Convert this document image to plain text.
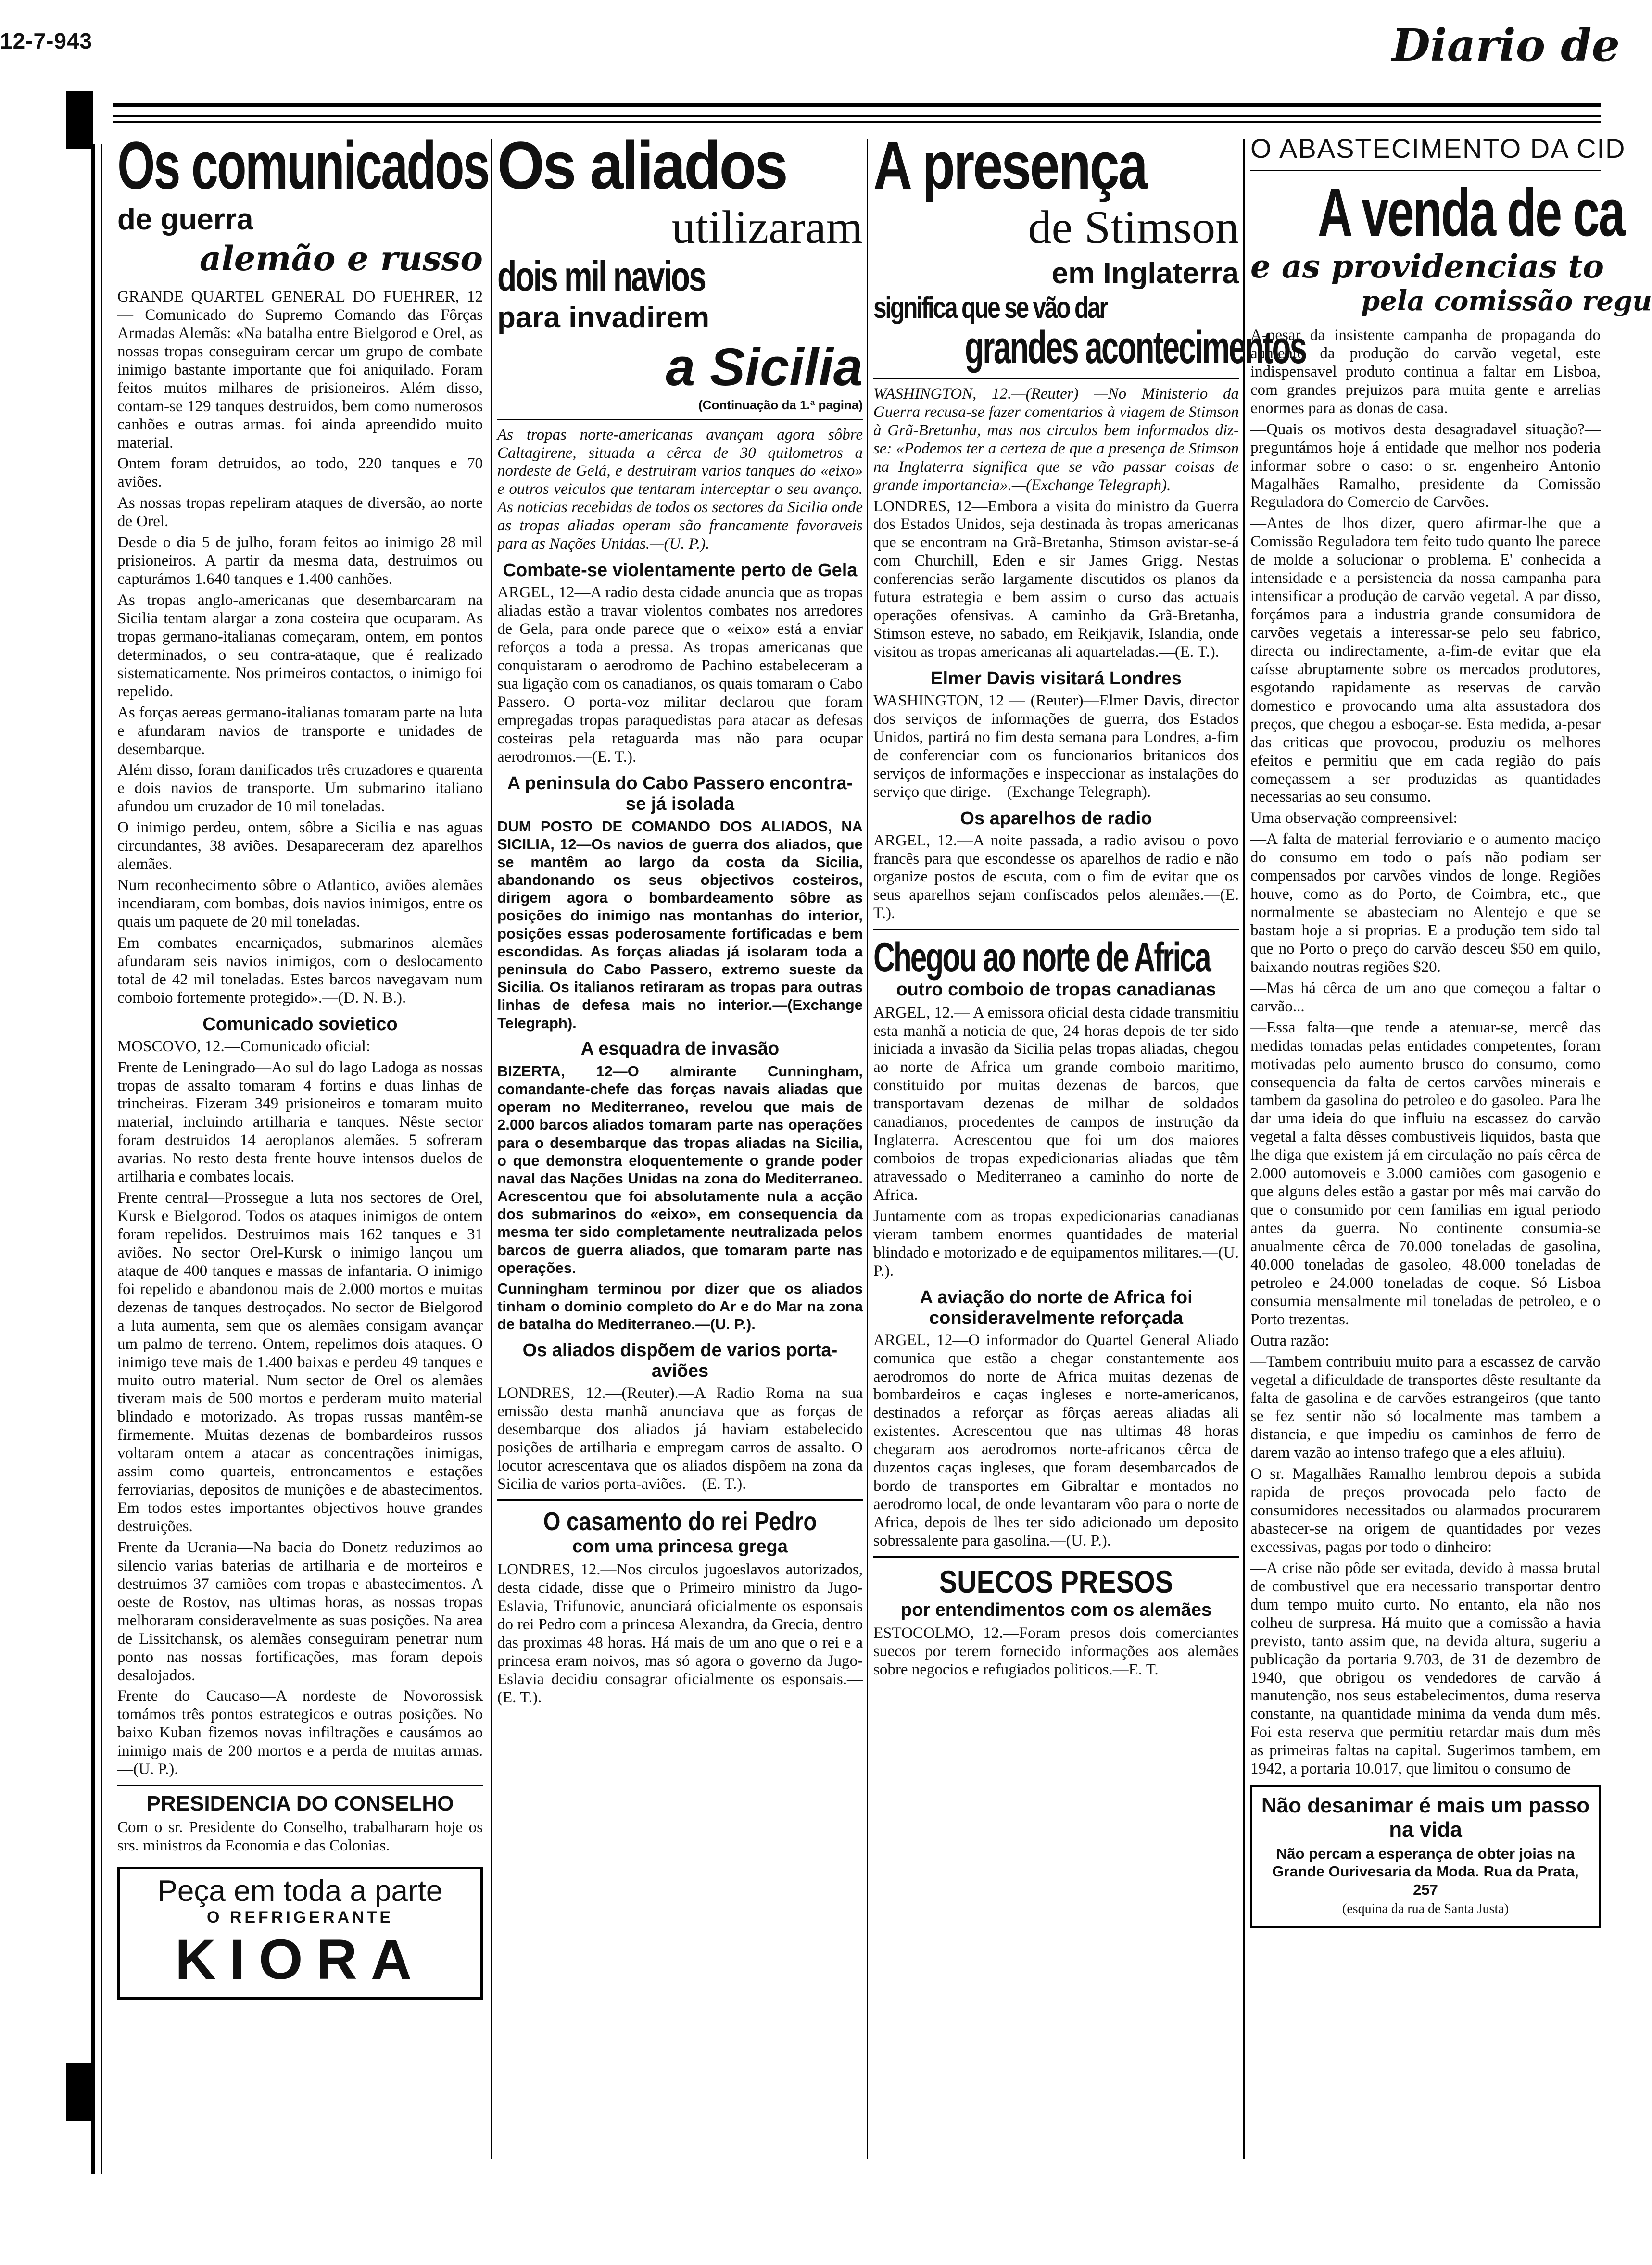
12-7-943	Diario de
Os comunicados
de guerra
alemão e russo

GRANDE QUARTEL GENERAL DO FUEHRER, 12 — Comunicado do Supremo Comando das Fôrças Armadas Alemãs: «Na batalha entre Bielgorod e Orel, as nossas tropas conseguiram cercar um grupo de combate inimigo bastante importante que foi aniquilado. Foram feitos muitos milhares de prisioneiros. Além disso, contam-se 129 tanques destruidos, bem como numerosos canhões e outras armas. foi ainda apreendido muito material.

Ontem foram detruidos, ao todo, 220 tanques e 70 aviões.

As nossas tropas repeliram ataques de diversão, ao norte de Orel.

Desde o dia 5 de julho, foram feitos ao inimigo 28 mil prisioneiros. A partir da mesma data, destruimos ou capturámos 1.640 tanques e 1.400 canhões.

As tropas anglo-americanas que desembarcaram na Sicilia tentam alargar a zona costeira que ocuparam. As tropas germano-italianas começaram, ontem, em pontos determinados, o seu contra-ataque, que é realizado sistematicamente. Nos primeiros contactos, o inimigo foi repelido.

As forças aereas germano-italianas tomaram parte na luta e afundaram navios de transporte e unidades de desembarque.

Além disso, foram danificados três cruzadores e quarenta e dois navios de transporte. Um submarino italiano afundou um cruzador de 10 mil toneladas.

O inimigo perdeu, ontem, sôbre a Sicilia e nas aguas circundantes, 38 aviões. Desapareceram dez aparelhos alemães.

Num reconhecimento sôbre o Atlantico, aviões alemães incendiaram, com bombas, dois navios inimigos, entre os quais um paquete de 20 mil toneladas.

Em combates encarniçados, submarinos alemães afundaram seis navios inimigos, com o deslocamento total de 42 mil toneladas. Estes barcos navegavam num comboio fortemente protegido».—(D. N. B.).

Comunicado sovietico

MOSCOVO, 12.—Comunicado oficial:

Frente de Leningrado—Ao sul do lago Ladoga as nossas tropas de assalto tomaram 4 fortins e duas linhas de trincheiras. Fizeram 349 prisioneiros e tomaram muito material, incluindo artilharia e tanques. Nêste sector foram destruidos 14 aeroplanos alemães. 5 sofreram avarias. No resto desta frente houve intensos duelos de artilharia e combates locais.

Frente central—Prossegue a luta nos sectores de Orel, Kursk e Bielgorod. Todos os ataques inimigos de ontem foram repelidos. Destruimos mais 162 tanques e 31 aviões. No sector Orel-Kursk o inimigo lançou um ataque de 400 tanques e massas de infantaria. O inimigo foi repelido e abandonou mais de 2.000 mortos e muitas dezenas de tanques destroçados. No sector de Bielgorod a luta aumenta, sem que os alemães consigam avançar um palmo de terreno. Ontem, repelimos dois ataques. O inimigo teve mais de 1.400 baixas e perdeu 49 tanques e muito outro material. Num sector de Orel os alemães tiveram mais de 500 mortos e perderam muito material blindado e motorizado. As tropas russas mantêm-se firmemente. Muitas dezenas de bombardeiros russos voltaram ontem a atacar as concentrações inimigas, assim como quarteis, entroncamentos e estações ferroviarias, depositos de munições e de abastecimentos. Em todos estes importantes objectivos houve grandes destruições.

Frente da Ucrania—Na bacia do Donetz reduzimos ao silencio varias baterias de artilharia e de morteiros e destruimos 37 camiões com tropas e abastecimentos. A oeste de Rostov, nas ultimas horas, as nossas tropas melhoraram consideravelmente as suas posições. Na area de Lissitchansk, os alemães conseguiram penetrar num ponto nas nossas fortificações, mas foram depois desalojados.

Frente do Caucaso—A nordeste de Novorossisk tomámos três pontos estrategicos e outras posições. No baixo Kuban fizemos novas infiltrações e causámos ao inimigo mais de 200 mortos e a perda de muitas armas.—(U. P.).

PRESIDENCIA DO CONSELHO

Com o sr. Presidente do Conselho, trabalharam hoje os srs. ministros da Economia e das Colonias.

Peça em toda a parte
O REFRIGERANTE
KIORA
Os aliados
utilizaram
dois mil navios
para invadirem
a Sicilia
(Continuação da 1.ª pagina)

As tropas norte-americanas avançam agora sôbre Caltagirene, situada a cêrca de 30 quilometros a nordeste de Gelá, e destruiram varios tanques do «eixo» e outros veiculos que tentaram interceptar o seu avanço. As noticias recebidas de todos os sectores da Sicilia onde as tropas aliadas operam são francamente favoraveis para as Nações Unidas.—(U. P.).

Combate-se violentamente perto de Gela

ARGEL, 12—A radio desta cidade anuncia que as tropas aliadas estão a travar violentos combates nos arredores de Gela, para onde parece que o «eixo» está a enviar reforços a toda a pressa. As tropas americanas que conquistaram o aerodromo de Pachino estabeleceram a sua ligação com os canadianos, os quais tomaram o Cabo Passero. O porta-voz militar declarou que foram empregadas tropas paraquedistas para atacar as defesas costeiras pela retaguarda mas não para ocupar aerodromos.—(E. T.).

A peninsula do Cabo Passero encontra-se já isolada

DUM POSTO DE COMANDO DOS ALIADOS, NA SICILIA, 12—Os navios de guerra dos aliados, que se mantêm ao largo da costa da Sicilia, abandonando os seus objectivos costeiros, dirigem agora o bombardeamento sôbre as posições do inimigo nas montanhas do interior, posições essas poderosamente fortificadas e bem escondidas. As forças aliadas já isolaram toda a peninsula do Cabo Passero, extremo sueste da Sicilia. Os italianos retiraram as tropas para outras linhas de defesa mais no interior.—(Exchange Telegraph).

A esquadra de invasão

BIZERTA, 12—O almirante Cunningham, comandante-chefe das forças navais aliadas que operam no Mediterraneo, revelou que mais de 2.000 barcos aliados tomaram parte nas operações para o desembarque das tropas aliadas na Sicilia, o que demonstra eloquentemente o grande poder naval das Nações Unidas na zona do Mediterraneo. Acrescentou que foi absolutamente nula a acção dos submarinos do «eixo», em consequencia da mesma ter sido completamente neutralizada pelos barcos de guerra aliados, que tomaram parte nas operações.

Cunningham terminou por dizer que os aliados tinham o dominio completo do Ar e do Mar na zona de batalha do Mediterraneo.—(U. P.).

Os aliados dispõem de varios porta-aviões

LONDRES, 12.—(Reuter).—A Radio Roma na sua emissão desta manhã anunciava que as forças de desembarque dos aliados já haviam estabelecido posições de artilharia e empregam carros de assalto. O locutor acrescentava que os aliados dispõem na zona da Sicilia de varios porta-aviões.—(E. T.).

O casamento do rei Pedro
com uma princesa grega

LONDRES, 12.—Nos circulos jugoeslavos autorizados, desta cidade, disse que o Primeiro ministro da Jugo-Eslavia, Trifunovic, anunciará oficialmente os esponsais do rei Pedro com a princesa Alexandra, da Grecia, dentro das proximas 48 horas. Há mais de um ano que o rei e a princesa eram noivos, mas só agora o governo da Jugo-Eslavia decidiu consagrar oficialmente os esponsais.—(E. T.).

A presença
de Stimson
em Inglaterra
significa que se vão dar
grandes acontecimentos

WASHINGTON, 12.—(Reuter) —No Ministerio da Guerra recusa-se fazer comentarios à viagem de Stimson à Grã-Bretanha, mas nos circulos bem informados diz-se: «Podemos ter a certeza de que a presença de Stimson na Inglaterra significa que se vão passar coisas de grande importancia».—(Exchange Telegraph).

LONDRES, 12—Embora a visita do ministro da Guerra dos Estados Unidos, seja destinada às tropas americanas que se encontram na Grã-Bretanha, Stimson avistar-se-á com Churchill, Eden e sir James Grigg. Nestas conferencias serão largamente discutidos os planos da futura estrategia e bem assim o curso das actuais operações ofensivas. A caminho da Grã-Bretanha, Stimson esteve, no sabado, em Reikjavik, Islandia, onde visitou as tropas americanas ali aquarteladas.—(E. T.).

Elmer Davis visitará Londres

WASHINGTON, 12 — (Reuter)—Elmer Davis, director dos serviços de informações de guerra, dos Estados Unidos, partirá no fim desta semana para Londres, a-fim de conferenciar com os funcionarios britanicos dos serviços de informações e inspeccionar as instalações do serviço que dirige.—(Exchange Telegraph).

Os aparelhos de radio

ARGEL, 12.—A noite passada, a radio avisou o povo francês para que escondesse os aparelhos de radio e não organize postos de escuta, com o fim de evitar que os seus aparelhos sejam confiscados pelos alemães.—(E. T.).

Chegou ao norte de Africa
outro comboio de tropas canadianas

ARGEL, 12.— A emissora oficial desta cidade transmitiu esta manhã a noticia de que, 24 horas depois de ter sido iniciada a invasão da Sicilia pelas tropas aliadas, chegou ao norte de Africa um grande comboio maritimo, constituido por muitas dezenas de barcos, que transportavam dezenas de milhar de soldados canadianos, procedentes de campos de instrução da Inglaterra. Acrescentou que foi um dos maiores comboios de tropas expedicionarias aliadas que têm atravessado o Mediterraneo a caminho do norte de Africa.

Juntamente com as tropas expedicionarias canadianas vieram tambem enormes quantidades de material blindado e motorizado e de equipamentos militares.—(U. P.).

A aviação do norte de Africa foi consideravelmente reforçada

ARGEL, 12—O informador do Quartel General Aliado comunica que estão a chegar constantemente aos aerodromos do norte de Africa muitas dezenas de bombardeiros e caças ingleses e norte-americanos, destinados a reforçar as fôrças aereas aliadas ali existentes. Acrescentou que nas ultimas 48 horas chegaram aos aerodromos norte-africanos cêrca de duzentos caças ingleses, que foram desembarcados de bordo de transportes em Gibraltar e montados no aerodromo local, de onde levantaram vôo para o norte de Africa, depois de lhes ter sido adicionado um deposito sobressalente para gasolina.—(U. P.).

SUECOS PRESOS
por entendimentos com os alemães

ESTOCOLMO, 12.—Foram presos dois comerciantes suecos por terem fornecido informações aos alemães sobre negocios e refugiados politicos.—E. T.

O ABASTECIMENTO DA CID
A venda de ca
e as providencias to
pela comissão regu

A-pesar da insistente campanha de propaganda do aumento da produção do carvão vegetal, este indispensavel produto continua a faltar em Lisboa, com grandes prejuizos para muita gente e arrelias enormes para as donas de casa.

—Quais os motivos desta desagradavel situação?—preguntámos hoje á entidade que melhor nos poderia informar sobre o caso: o sr. engenheiro Antonio Magalhães Ramalho, presidente da Comissão Reguladora do Comercio de Carvões.

—Antes de lhos dizer, quero afirmar-lhe que a Comissão Reguladora tem feito tudo quanto lhe parece de molde a solucionar o problema. E' conhecida a intensidade e a persistencia da nossa campanha para intensificar a produção de carvão vegetal. A par disso, forçámos para a industria grande consumidora de carvões vegetais a interessar-se pelo seu fabrico, directa ou indirectamente, a-fim-de evitar que ela caísse abruptamente sobre os mercados produtores, esgotando rapidamente as reservas de carvão domestico e provocando uma alta assustadora dos preços, que chegou a esboçar-se. Esta medida, a-pesar das criticas que provocou, produziu os melhores efeitos e permitiu que em cada região do país começassem a ser produzidas as quantidades necessarias ao seu consumo.

Uma observação compreensivel:

—A falta de material ferroviario e o aumento maciço do consumo em todo o país não podiam ser compensados por carvões vindos de longe. Regiões houve, como as do Porto, de Coimbra, etc., que normalmente se abasteciam no Alentejo e que se bastam hoje a si proprias. E a produção tem sido tal que no Porto o preço do carvão desceu $50 em quilo, baixando noutras regiões $20.

—Mas há cêrca de um ano que começou a faltar o carvão...

—Essa falta—que tende a atenuar-se, mercê das medidas tomadas pelas entidades competentes, foram motivadas pelo aumento brusco do consumo, como consequencia da falta de certos carvões minerais e tambem da gasolina do petroleo e do gasoleo. Para lhe dar uma ideia do que influiu na escassez do carvão vegetal a falta dêsses combustiveis liquidos, basta que lhe diga que existem já em circulação no país cêrca de 2.000 automoveis e 3.000 camiões com gasogenio e que alguns deles estão a gastar por mês mai carvão do que o consumido por cem familias em igual periodo antes da guerra. No continente consumia-se anualmente cêrca de 70.000 toneladas de gasolina, 40.000 toneladas de gasoleo, 48.000 toneladas de petroleo e 24.000 toneladas de coque. Só Lisboa consumia mensalmente mil toneladas de petroleo, e o Porto trezentas.

Outra razão:

—Tambem contribuiu muito para a escassez de carvão vegetal a dificuldade de transportes dêste resultante da falta de gasolina e de carvões estrangeiros (que tanto se fez sentir não só localmente mas tambem a distancia, e que impediu os caminhos de ferro de darem vazão ao intenso trafego que a eles afluiu).

O sr. Magalhães Ramalho lembrou depois a subida rapida de preços provocada pelo facto de consumidores necessitados ou alarmados procurarem abastecer-se na origem de quantidades por vezes excessivas, pagas por todo o dinheiro:

—A crise não pôde ser evitada, devido à massa brutal de combustivel que era necessario transportar dentro dum tempo muito curto. No entanto, ela não nos colheu de surpresa. Há muito que a comissão a havia previsto, tanto assim que, na devida altura, sugeriu a publicação da portaria 9.703, de 31 de dezembro de 1940, que obrigou os vendedores de carvão á manutenção, nos seus estabelecimentos, duma reserva constante, na quantidade minima da venda dum mês. Foi esta reserva que permitiu retardar mais dum mês as primeiras faltas na capital. Sugerimos tambem, em 1942, a portaria 10.017, que limitou o consumo de

Não desanimar é mais um passo na vida

Não percam a esperança de obter joias na Grande Ourivesaria da Moda. Rua da Prata, 257

(esquina da rua de Santa Justa)
